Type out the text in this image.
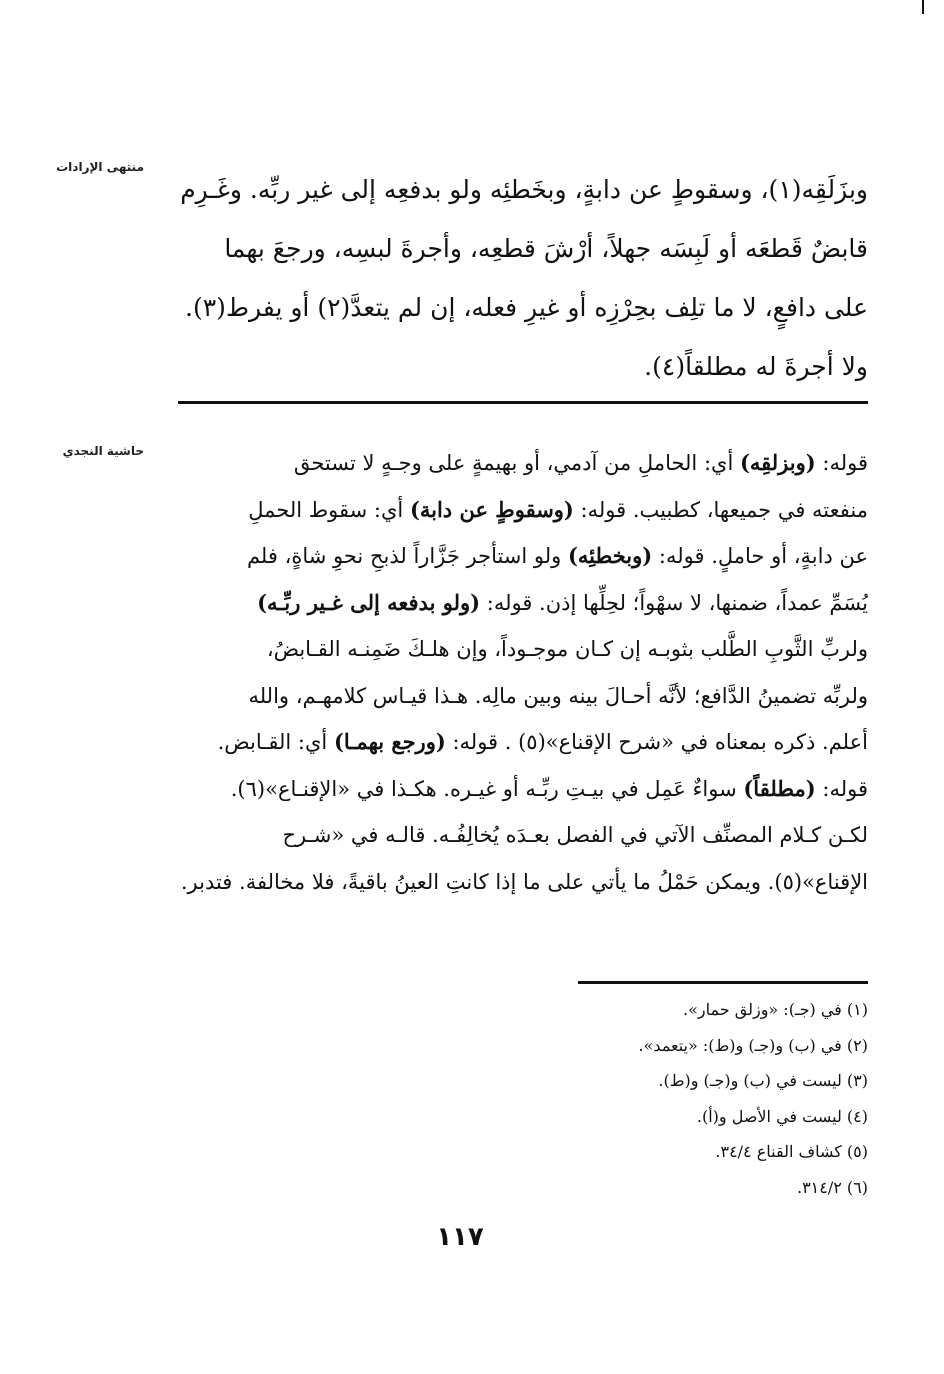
منتهى الإرادات

وبزَلَقِه(١)، وسقوطٍ عن دابةٍ، وبخَطئِه ولو بدفعِه إلى غير ربِّه. وغَـرِم

قابضٌ قَطعَه أو لَبِسَه جهلاً، أرْشَ قطعِه، وأجرةَ لبسِه، ورجعَ بهما

على دافعٍ، لا ما تلِف بحِرْزِه أو غيرِ فعله، إن لم يتعدَّ(٢) أو يفرط(٣).

ولا أجرةَ له مطلقاً(٤).

حاشية النجدي	قوله: (وبزلقِه) أي: الحاملِ من آدمي، أو بهيمةٍ على وجـهٍ لا تستحق

منفعته في جميعها، كطبيب. قوله: (وسقوطٍ عن دابة) أي: سقوط الحملِ

عن دابةٍ، أو حاملٍ. قوله: (وبخطئِه) ولو استأجر جَزَّاراً لذبحِ نحوِ شاةٍ، فلم

يُسَمِّ عمداً، ضمنها، لا سهْواً؛ لحِلِّها إذن. قوله: (ولو بدفعه إلى غـير ربِّـه)

ولربِّ الثَّوبِ الطَّلب بثوبـه إن كـان موجـوداً، وإن هلـكَ ضَمِنـه القـابضُ،

ولربِّه تضمينُ الدَّافع؛ لأنَّه أحـالَ بينه وبين مالِه. هـذا قيـاس كلامهـم، والله

أعلم. ذكره بمعناه في «شرح الإقناع»(٥) . قوله: (ورجع بهمـا) أي: القـابض.

قوله: (مطلقاً) سواءٌ عَمِل في بيـتِ ربِّـه أو غيـره. هكـذا في «الإقنـاع»(٦).

لكـن كـلام المصنِّف الآتي في الفصل بعـدَه يُخالِفُـه. قالـه في «شـرح

الإقناع»(٥). ويمكن حَمْلُ ما يأتي على ما إذا كانتِ العينُ باقيةً، فلا مخالفة. فتدبر.

(١) في (جـ): «وزلق حمار».
(٢) في (ب) و(جـ) و(ط): «يتعمد».
(٣) ليست في (ب) و(جـ) و(ط).
(٤) ليست في الأصل و(أ).
(٥) كشاف القناع ٣٤/٤.
(٦) ٣١٤/٢.
١١٧
